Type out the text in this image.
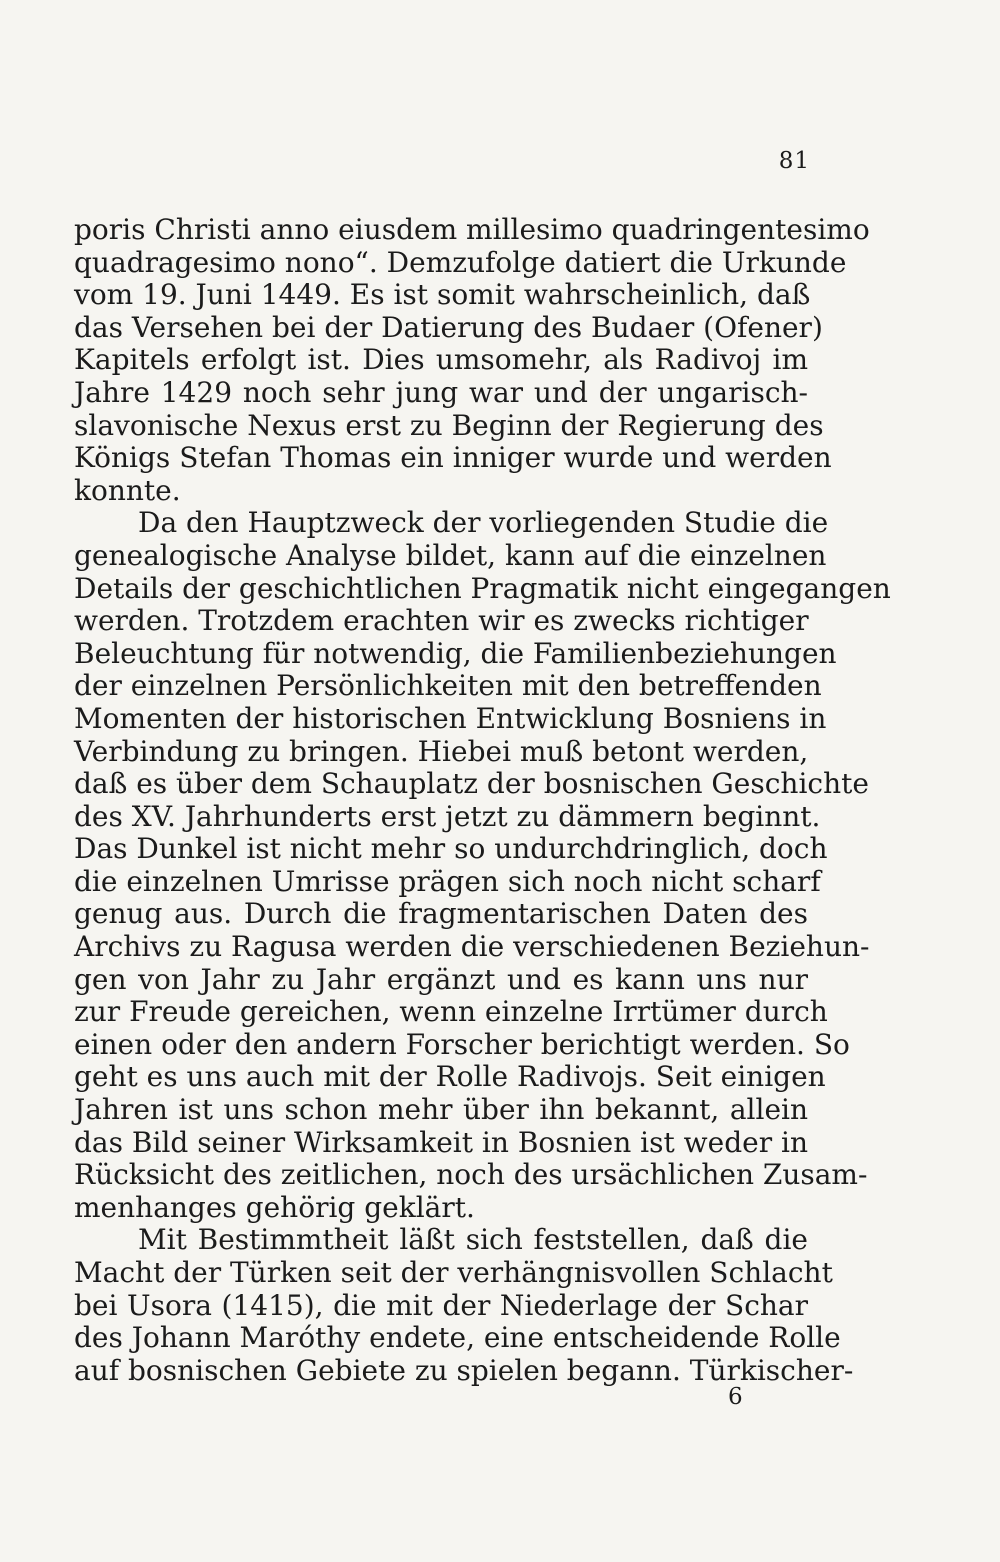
81
poris Christi anno eiusdem millesimo quadringentesimo
quadragesimo nono“. Demzufolge datiert die Urkunde
vom 19. Juni 1449. Es ist somit wahrscheinlich, daß
das Versehen bei der Datierung des Budaer (Ofener)
Kapitels erfolgt ist. Dies umsomehr, als Radivoj im
Jahre 1429 noch sehr jung war und der ungarisch-
slavonische Nexus erst zu Beginn der Regierung des
Königs Stefan Thomas ein inniger wurde und werden
konnte.
Da den Hauptzweck der vorliegenden Studie die
genealogische Analyse bildet, kann auf die einzelnen
Details der geschichtlichen Pragmatik nicht eingegangen
werden. Trotzdem erachten wir es zwecks richtiger
Beleuchtung für notwendig, die Familienbeziehungen
der einzelnen Persönlichkeiten mit den betreffenden
Momenten der historischen Entwicklung Bosniens in
Verbindung zu bringen. Hiebei muß betont werden,
daß es über dem Schauplatz der bosnischen Geschichte
des XV. Jahrhunderts erst jetzt zu dämmern beginnt.
Das Dunkel ist nicht mehr so undurchdringlich, doch
die einzelnen Umrisse prägen sich noch nicht scharf
genug aus. Durch die fragmentarischen Daten des
Archivs zu Ragusa werden die verschiedenen Beziehun-
gen von Jahr zu Jahr ergänzt und es kann uns nur
zur Freude gereichen, wenn einzelne Irrtümer durch
einen oder den andern Forscher berichtigt werden. So
geht es uns auch mit der Rolle Radivojs. Seit einigen
Jahren ist uns schon mehr über ihn bekannt, allein
das Bild seiner Wirksamkeit in Bosnien ist weder in
Rücksicht des zeitlichen, noch des ursächlichen Zusam-
menhanges gehörig geklärt.
Mit Bestimmtheit läßt sich feststellen, daß die
Macht der Türken seit der verhängnisvollen Schlacht
bei Usora (1415), die mit der Niederlage der Schar
des Johann Maróthy endete, eine entscheidende Rolle
auf bosnischen Gebiete zu spielen begann. Türkischer-
6
